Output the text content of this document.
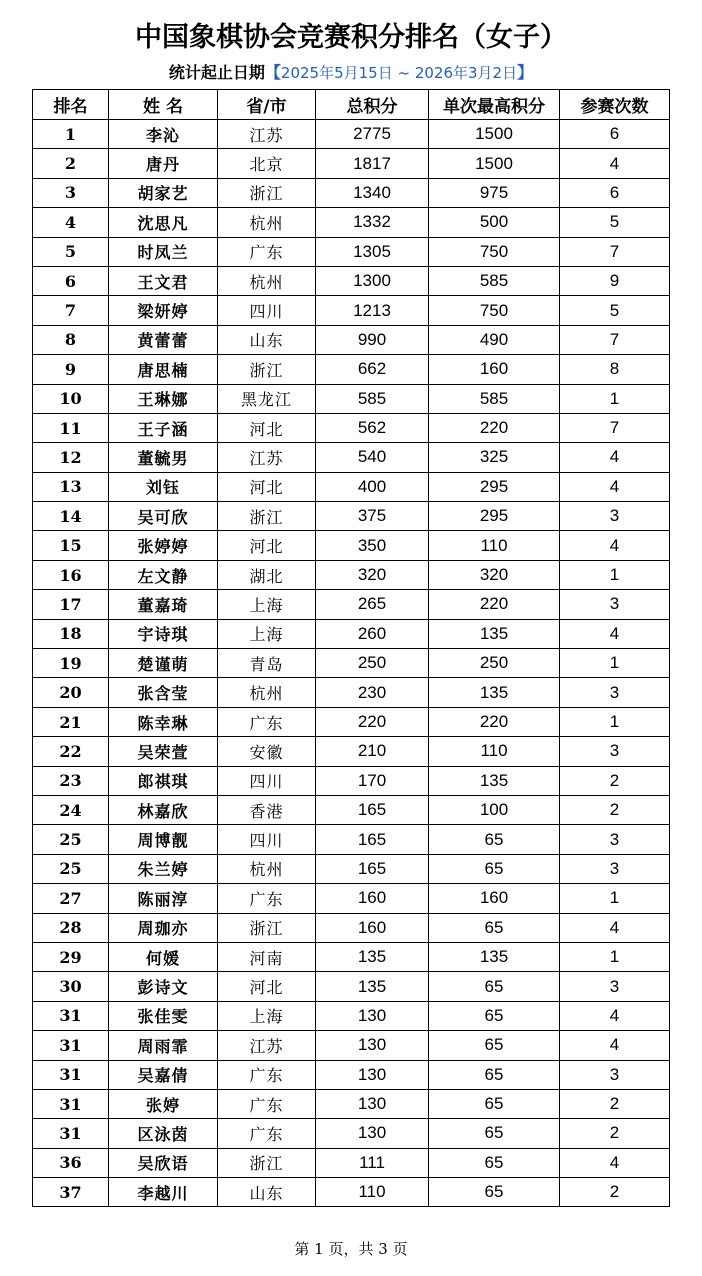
中国象棋协会竞赛积分排名（女子）
统计起止日期【2025年5月15日 ~ 2026年3月2日】
排名	姓 名	省/市	总积分	单次最高积分	参赛次数
1	李沁	江苏	2775	1500	6
2	唐丹	北京	1817	1500	4
3	胡家艺	浙江	1340	975	6
4	沈思凡	杭州	1332	500	5
5	时凤兰	广东	1305	750	7
6	王文君	杭州	1300	585	9
7	梁妍婷	四川	1213	750	5
8	黄蕾蕾	山东	990	490	7
9	唐思楠	浙江	662	160	8
10	王琳娜	黑龙江	585	585	1
11	王子涵	河北	562	220	7
12	董毓男	江苏	540	325	4
13	刘钰	河北	400	295	4
14	吴可欣	浙江	375	295	3
15	张婷婷	河北	350	110	4
16	左文静	湖北	320	320	1
17	董嘉琦	上海	265	220	3
18	宇诗琪	上海	260	135	4
19	楚谨萌	青岛	250	250	1
20	张含莹	杭州	230	135	3
21	陈幸琳	广东	220	220	1
22	吴荣萱	安徽	210	110	3
23	郎祺琪	四川	170	135	2
24	林嘉欣	香港	165	100	2
25	周博靓	四川	165	65	3
25	朱兰婷	杭州	165	65	3
27	陈丽淳	广东	160	160	1
28	周珈亦	浙江	160	65	4
29	何媛	河南	135	135	1
30	彭诗文	河北	135	65	3
31	张佳雯	上海	130	65	4
31	周雨霏	江苏	130	65	4
31	吴嘉倩	广东	130	65	3
31	张婷	广东	130	65	2
31	区泳茵	广东	130	65	2
36	吴欣语	浙江	111	65	4
37	李越川	山东	110	65	2
第 1 页，共 3 页
